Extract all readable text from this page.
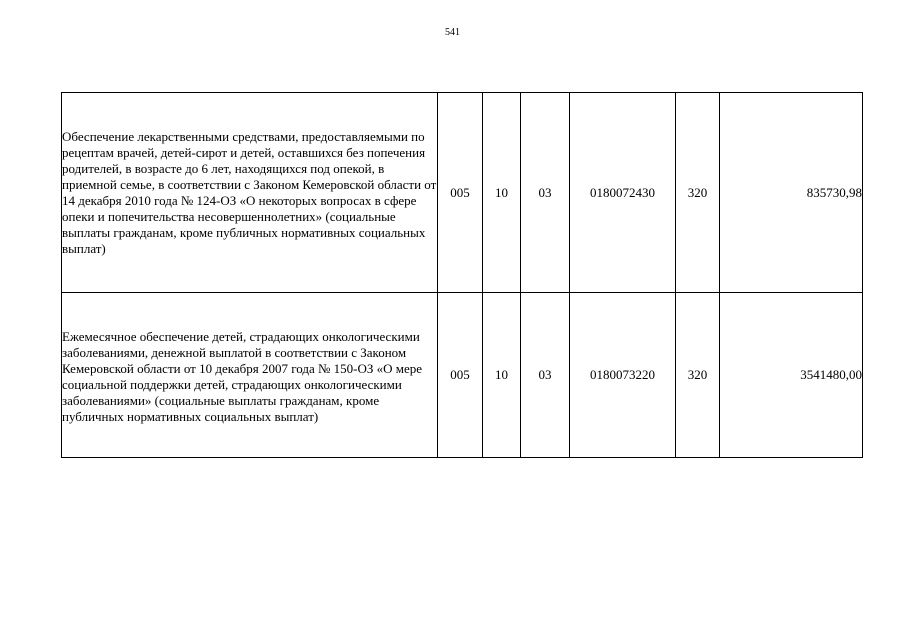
541
Обеспечение лекарственными средствами, предоставляемыми по рецептам врачей, детей-сирот и детей, оставшихся без попечения родителей, в возрасте до 6 лет, находящихся под опекой, в приемной семье, в соответствии с Законом Кемеровской области от 14 декабря 2010 года № 124-ОЗ «О некоторых вопросах в сфере опеки и попечительства несовершеннолетних» (социальные выплаты гражданам, кроме публичных нормативных социальных выплат)	005	10	03	0180072430	320	835730,98

Ежемесячное обеспечение детей, страдающих онкологическими заболеваниями, денежной выплатой в соответствии с Законом Кемеровской области от 10 декабря 2007 года № 150-ОЗ «О мере социальной поддержки детей, страдающих онкологическими заболеваниями» (социальные выплаты гражданам, кроме публичных нормативных социальных выплат)	005	10	03	0180073220	320	3541480,00
